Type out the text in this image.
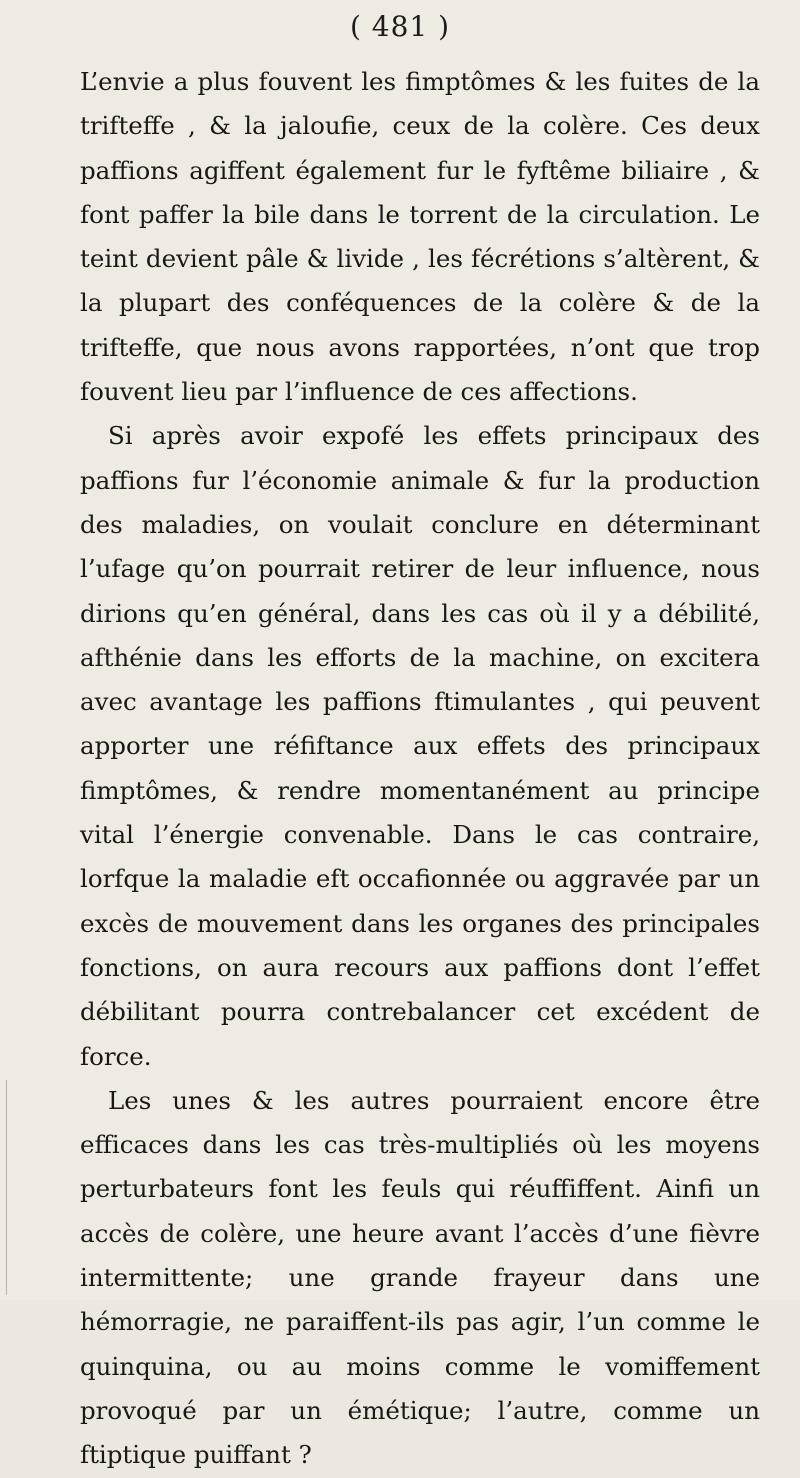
( 481 )

L’envie a plus fouvent les fimptômes & les fuites de la trifteffe , & la jaloufie, ceux de la colère. Ces deux paffions agiffent également fur le fyftême biliaire , & font paffer la bile dans le torrent de la circulation. Le teint devient pâle & livide , les fécrétions s’altèrent, & la plupart des conféquences de la colère & de la trifteffe, que nous avons rapportées, n’ont que trop fouvent lieu par l’influence de ces affections.

Si après avoir expofé les effets principaux des paffions fur l’économie animale & fur la production des maladies, on voulait conclure en déterminant l’ufage qu’on pourrait retirer de leur influence, nous dirions qu’en général, dans les cas où il y a débilité, afthénie dans les efforts de la machine, on excitera avec avantage les paffions ftimulantes , qui peuvent apporter une réfiftance aux effets des principaux fimptômes, & rendre momentanément au principe vital l’énergie convenable. Dans le cas contraire, lorfque la maladie eft occafionnée ou aggravée par un excès de mouvement dans les organes des principales fonctions, on aura recours aux paffions dont l’effet débilitant pourra contrebalancer cet excédent de force.

Les unes & les autres pourraient encore être efficaces dans les cas très-multipliés où les moyens perturbateurs font les feuls qui réuffiffent. Ainfi un accès de colère, une heure avant l’accès d’une fièvre intermittente; une grande frayeur dans une hémorragie, ne paraiffent-ils pas agir, l’un comme le quinquina, ou au moins comme le vomiffement provoqué par un émétique; l’autre, comme un ftiptique puiffant ?
